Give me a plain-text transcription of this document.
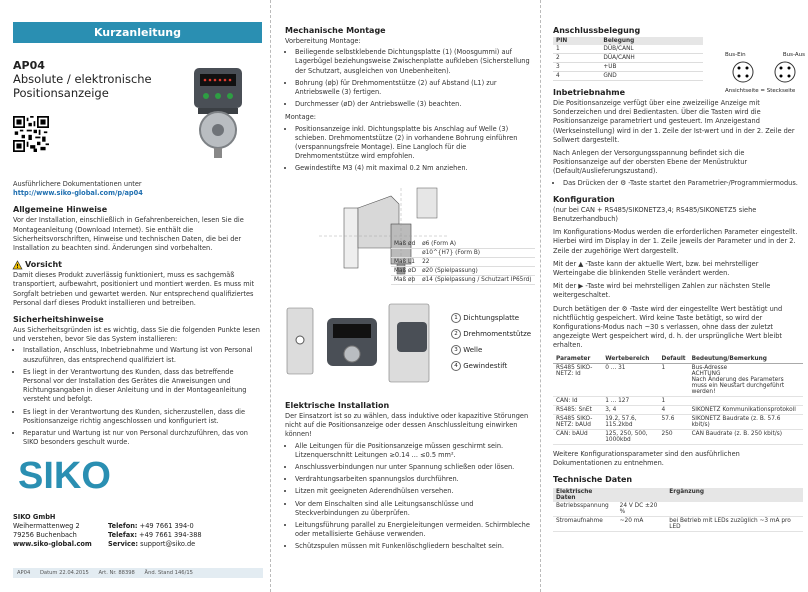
Kurzanleitung
AP04
Absolute / elektronische
Positionsanzeige
Ausführlichere Dokumentationen unter
http://www.siko-global.com/p/ap04
Allgemeine Hinweise
Vor der Installation, einschließlich in Gefahrenbereichen, lesen Sie die Montageanleitung (Download Internet). Sie enthält die Sicherheitsvorschriften, Hinweise und technischen Daten, die bei der Installation zu beachten sind. Änderungen sind vorbehalten.
! Vorsicht
Damit dieses Produkt zuverlässig funktioniert, muss es sachgemäß transportiert, aufbewahrt, positioniert und montiert werden. Es muss mit Sorgfalt betrieben und gewartet werden. Nur entsprechend qualifiziertes Personal darf dieses Produkt installieren und betreiben.
Sicherheitshinweise
Aus Sicherheitsgründen ist es wichtig, dass Sie die folgenden Punkte lesen und verstehen, bevor Sie das System installieren:
• Installation, Anschluss, Inbetriebnahme und Wartung ist von Personal auszuführen, das entsprechend qualifiziert ist.
• Es liegt in der Verantwortung des Kunden, dass das betreffende Personal vor der Installation des Gerätes die Anweisungen und Richtungsangaben in dieser Anleitung und in der Montageanleitung versteht und befolgt.
• Es liegt in der Verantwortung des Kunden, sicherzustellen, dass die Positionsanzeige richtig angeschlossen und konfiguriert ist.
• Reparatur und Wartung ist nur von Personal durchzuführen, das von SIKO besonders geschult wurde.
SIKO
SIKO GmbH
Weihermattenweg 2
79256 Buchenbach
www.siko-global.com
Telefon: +49 7661 394-0
Telefax: +49 7661 394-388
Service: support@siko.de
AP04 Datum 22.04.2015 Art. Nr. 88398 Änd. Stand 146/15
Mechanische Montage
Vorbereitung Montage:
• Beiliegende selbstklebende Dichtungsplatte (1) (Moosgummi) auf Lagerbügel beziehungsweise Zwischenplatte aufkleben (Sicherstellung der Schutzart, ausgleichen von Unebenheiten).
• Bohrung (øþ) für Drehmomentstütze (2) auf Abstand (L1) zur Antriebswelle (3) fertigen.
• Durchmesser (øD) der Antriebswelle (3) beachten.
Montage:
• Positionsanzeige inkl. Dichtungsplatte bis Anschlag auf Welle (3) schieben. Drehmomentstütze (2) in vorhandene Bohrung einführen (verspannungsfreie Montage). Eine Langloch für die Drehmomentstütze wird empfohlen.
• Gewindestifte M3 (4) mit maximal 0.2 Nm anziehen.
Maß ød	ø6 (Form A)
	ø10^{H7} (Form B)
Maß L1	22
Maß øD	ø20 (Spielpassung)
Maß øþ	ø14 (Spielpassung / Schutzart IP65rd)
1 Dichtungsplatte
2 Drehmomentstütze
3 Welle
4 Gewindestift
Elektrische Installation
Der Einsatzort ist so zu wählen, dass induktive oder kapazitive Störungen nicht auf die Positionsanzeige oder dessen Anschlussleitung einwirken können!
• Alle Leitungen für die Positionsanzeige müssen geschirmt sein. Litzenquerschnitt Leitungen ≥0.14 ... ≤0.5 mm².
• Anschlussverbindungen nur unter Spannung schließen oder lösen.
• Verdrahtungsarbeiten spannungslos durchführen.
• Litzen mit geeigneten Aderendhülsen versehen.
• Vor dem Einschalten sind alle Leitungsanschlüsse und Steckverbindungen zu überprüfen.
• Leitungsführung parallel zu Energieleitungen vermeiden. Schirmbleche oder metallisierte Gehäuse verwenden.
• Schützspulen müssen mit Funkenlöschgliedern beschaltet sein.
Anschlussbelegung
PIN	Belegung
1	DÜB/CANL
2	DÜA/CANH
3	+UB
4	GND
Bus-Ein	Bus-Aus
Ansichtseite = Steckseite
Inbetriebnahme
Die Positionsanzeige verfügt über eine zweizeilige Anzeige mit Sonderzeichen und drei Bedientasten. Über die Tasten wird die Positionsanzeige parametriert und gesteuert. Im Anzeigestand (Werkseinstellung) wird in der 1. Zeile der Ist-wert und in der 2. Zeile der Sollwert dargestellt.
Nach Anlegen der Versorgungsspannung befindet sich die Positionsanzeige auf der obersten Ebene der Menüstruktur (Default/Auslieferungszustand).
• Das Drücken der ⚙ -Taste startet den Parametrier-/Programmiermodus.
Konfiguration
(nur bei CAN + RS485/SIKONETZ3,4; RS485/SIKONETZ5 siehe Benutzerhandbuch)
Im Konfigurations-Modus werden die erforderlichen Parameter eingestellt. Hierbei wird im Display in der 1. Zeile jeweils der Parameter und in der 2. Zeile der zugehörige Wert dargestellt.
Mit der ▲ -Taste kann der aktuelle Wert, bzw. bei mehrstelliger Werteingabe die blinkenden Stelle verändert werden.
Mit der ▶ -Taste wird bei mehrstelligen Zahlen zur nächsten Stelle weitergeschaltet.
Durch betätigen der ⚙ -Taste wird der eingestellte Wert bestätigt und nichtflüchtig gespeichert. Wird keine Taste betätigt, so wird der Konfigurations-Modus nach ~30 s verlassen, ohne dass der zuletzt angezeigte Wert gespeichert wird, d. h. der ursprüngliche Wert bleibt erhalten.
Parameter	Wertebereich	Default	Bedeutung/Bemerkung
RS485 SIKO-NETZ: Id	0 ... 31	1	Bus-Adresse
ACHTUNG
Nach Änderung des Parameters muss ein Neustart durchgeführt werden!
CAN: Id	1 ... 127	1	
RS485: SnEt	3, 4	4	SIKONETZ Kommunikationsprotokoll
RS485 SIKO-NETZ: bAUd	19.2, 57.6, 115.2kbd	57.6	SIKONETZ Baudrate (z. B. 57.6 kbit/s)
CAN: bAUd	125, 250, 500, 1000kbd	250	CAN Baudrate (z. B. 250 kbit/s)
Weitere Konfigurationsparameter sind den ausführlichen Dokumentationen zu entnehmen.
Technische Daten
Elektrische Daten		Ergänzung
Betriebsspannung	24 V DC ±20 %	
Stromaufnahme	~20 mA	bei Betrieb mit LEDs zuzüglich ~3 mA pro LED
